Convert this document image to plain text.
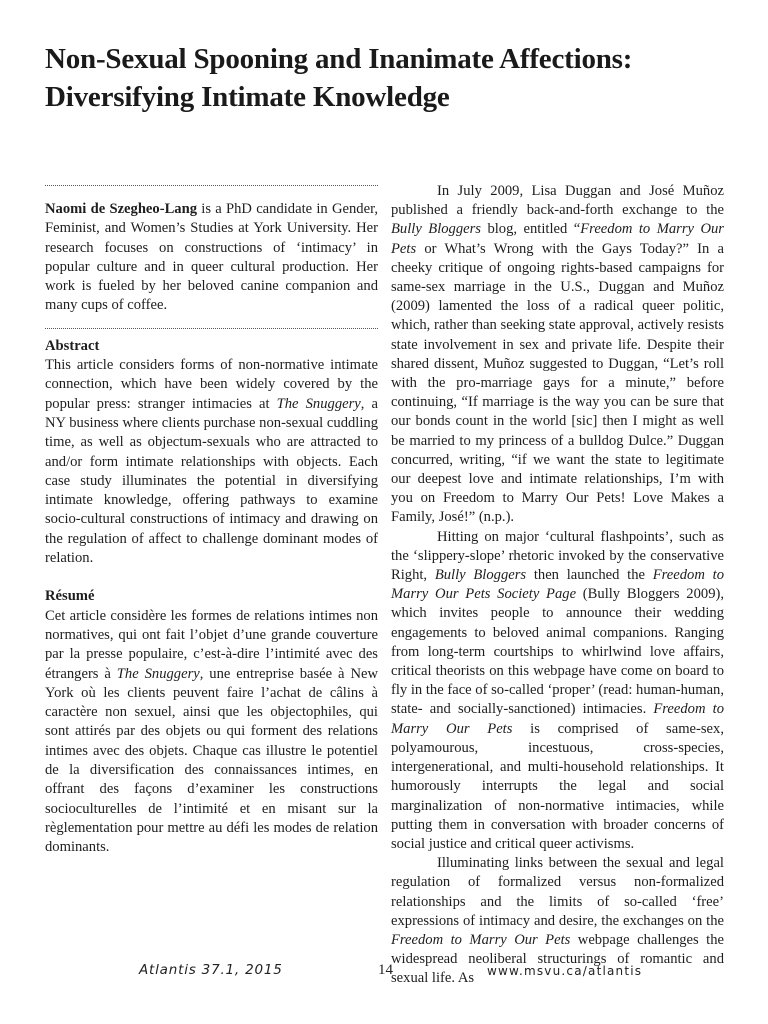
Non-Sexual Spooning and Inanimate Affections:
Diversifying Intimate Knowledge

Naomi de Szegheo-Lang is a PhD candidate in Gender, Feminist, and Women’s Studies at York University. Her research focuses on constructions of ‘intimacy’ in popular culture and in queer cultural production. Her work is fueled by her beloved canine companion and many cups of coffee.

Abstract

This article considers forms of non-normative intimate connection, which have been widely covered by the popular press: stranger intimacies at The Snuggery, a NY business where clients purchase non-sexual cuddling time, as well as objectum-sexuals who are attracted to and/or form intimate relationships with objects. Each case study illuminates the potential in diversifying intimate knowledge, offering pathways to examine socio-cultural constructions of intimacy and drawing on the regulation of affect to challenge dominant modes of relation.

Résumé

Cet article considère les formes de relations intimes non normatives, qui ont fait l’objet d’une grande couverture par la presse populaire, c’est-à-dire l’intimité avec des étrangers à The Snuggery, une entreprise basée à New York où les clients peuvent faire l’achat de câlins à caractère non sexuel, ainsi que les objectophiles, qui sont attirés par des objets ou qui forment des relations intimes avec des objets. Chaque cas illustre le potentiel de la diversification des connaissances intimes, en offrant des façons d’examiner les constructions socioculturelles de l’intimité et en misant sur la règlementation pour mettre au défi les modes de relation dominants.

In July 2009, Lisa Duggan and José Muñoz published a friendly back-and-forth exchange to the Bully Bloggers blog, entitled “Freedom to Marry Our Pets or What’s Wrong with the Gays Today?” In a cheeky critique of ongoing rights-based campaigns for same-sex marriage in the U.S., Duggan and Muñoz (2009) lamented the loss of a radical queer politic, which, rather than seeking state approval, actively resists state involvement in sex and private life. Despite their shared dissent, Muñoz suggested to Duggan, “Let’s roll with the pro-marriage gays for a minute,” before continuing, “If marriage is the way you can be sure that our bonds count in the world [sic] then I might as well be married to my princess of a bulldog Dulce.” Duggan concurred, writing, “if we want the state to legitimate our deepest love and intimate relationships, I’m with you on Freedom to Marry Our Pets! Love Makes a Family, José!” (n.p.).

Hitting on major ‘cultural flashpoints’, such as the ‘slippery-slope’ rhetoric invoked by the conservative Right, Bully Bloggers then launched the Freedom to Marry Our Pets Society Page (Bully Bloggers 2009), which invites people to announce their wedding engagements to beloved animal companions. Ranging from long-term courtships to whirlwind love affairs, critical theorists on this webpage have come on board to fly in the face of so-called ‘proper’ (read: human-human, state- and socially-sanctioned) intimacies. Freedom to Marry Our Pets is comprised of same-sex, polyamourous, incestuous, cross-species, intergenerational, and multi-household relationships. It humorously interrupts the legal and social marginalization of non-normative intimacies, while putting them in conversation with broader concerns of social justice and critical queer activisms.

Illuminating links between the sexual and legal regulation of formalized versus non-formalized relationships and the limits of so-called ‘free’ expressions of intimacy and desire, the exchanges on the Freedom to Marry Our Pets webpage challenges the widespread neoliberal structurings of romantic and sexual life. As

Atlantis 37.1, 2015	14	www.msvu.ca/atlantis
